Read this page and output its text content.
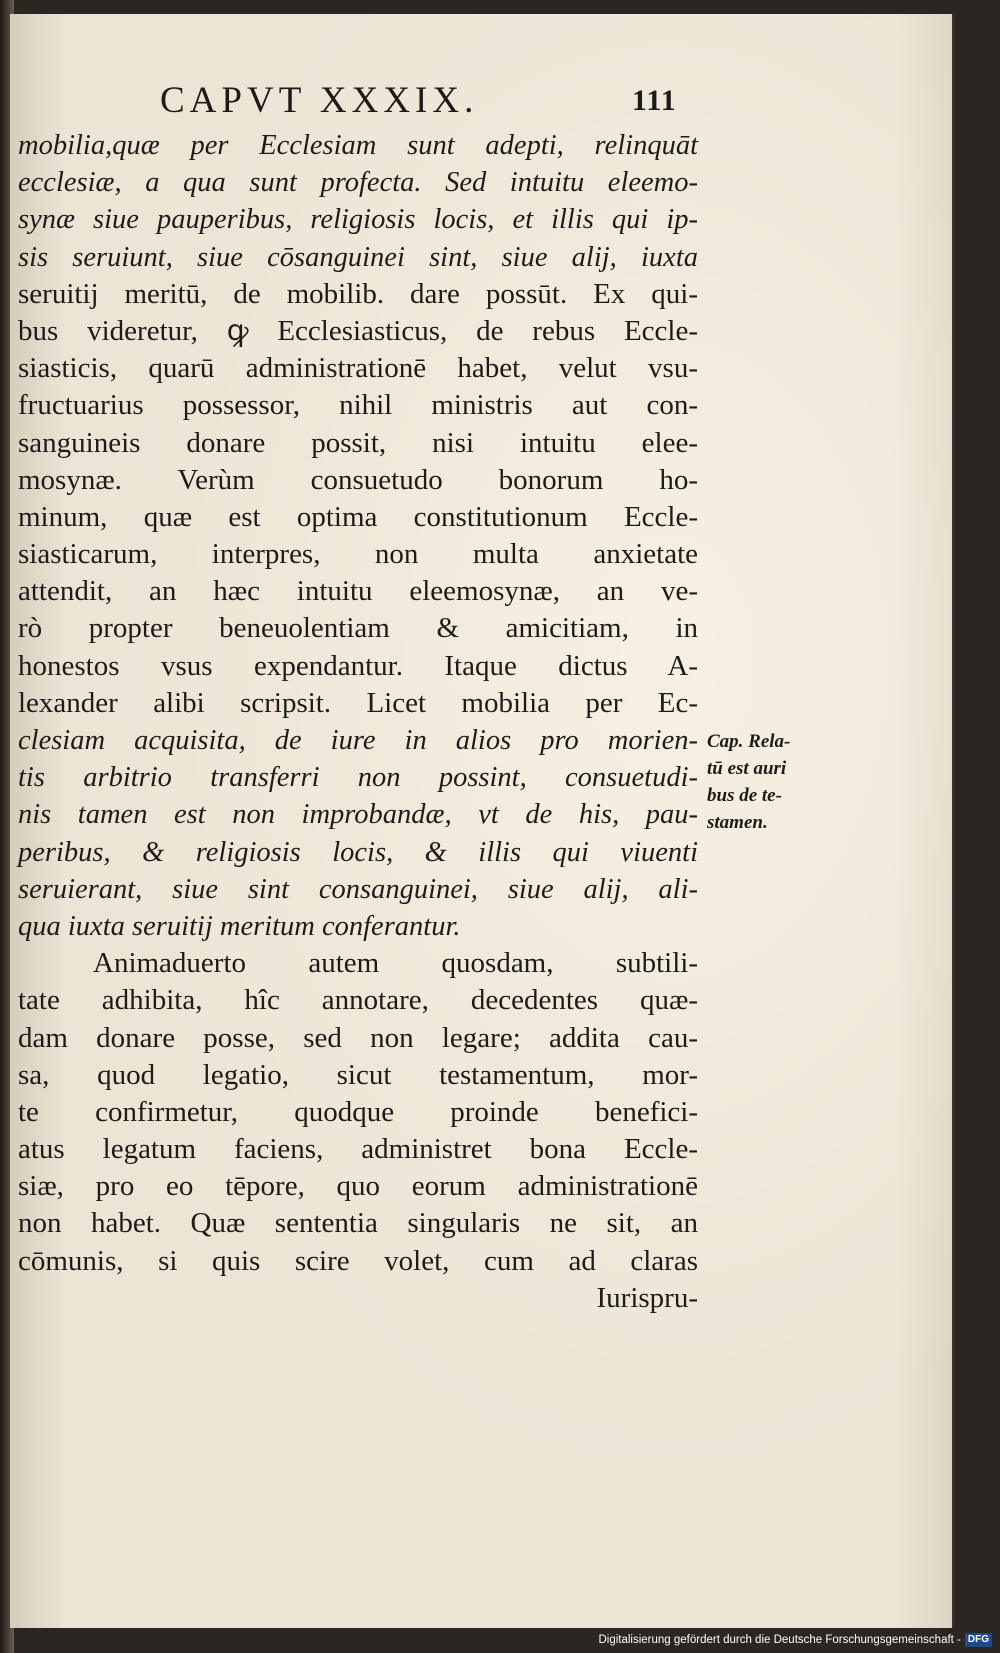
CAPVT XXXIX.	111
mobilia,quæ per Ecclesiam sunt adepti, relinquāt
ecclesiæ, a qua sunt profecta. Sed intuitu eleemo-
synæ siue pauperibus, religiosis locis, et illis qui ip-
sis seruiunt, siue cōsanguinei sint, siue alij, iuxta
seruitij meritū, de mobilib. dare possūt. Ex qui-
bus videretur, ꝙ Ecclesiasticus, de rebus Eccle-
siasticis, quarū administrationē habet, velut vsu-
fructuarius possessor, nihil ministris aut con-
sanguineis donare possit, nisi intuitu elee-
mosynæ. Verùm consuetudo bonorum ho-
minum, quæ est optima constitutionum Eccle-
siasticarum, interpres, non multa anxietate
attendit, an hæc intuitu eleemosynæ, an ve-
rò propter beneuolentiam & amicitiam, in
honestos vsus expendantur. Itaque dictus A-
lexander alibi scripsit. Licet mobilia per Ec-
clesiam acquisita, de iure in alios pro morien-
tis arbitrio transferri non possint, consuetudi-
nis tamen est non improbandæ, vt de his, pau-
peribus, & religiosis locis, & illis qui viuenti
seruierant, siue sint consanguinei, siue alij, ali-
qua iuxta seruitij meritum conferantur.
Animaduerto autem quosdam, subtili-
tate adhibita, hîc annotare, decedentes quæ-
dam donare posse, sed non legare; addita cau-
sa, quod legatio, sicut testamentum, mor-
te confirmetur, quodque proinde benefici-
atus legatum faciens, administret bona Eccle-
siæ, pro eo tēpore, quo eorum administrationē
non habet. Quæ sententia singularis ne sit, an
cōmunis, si quis scire volet, cum ad claras
Iurispru-
Cap. Rela-
tū est auri
bus de te-
stamen.
Digitalisierung gefördert durch die Deutsche Forschungsgemeinschaft - DFG
